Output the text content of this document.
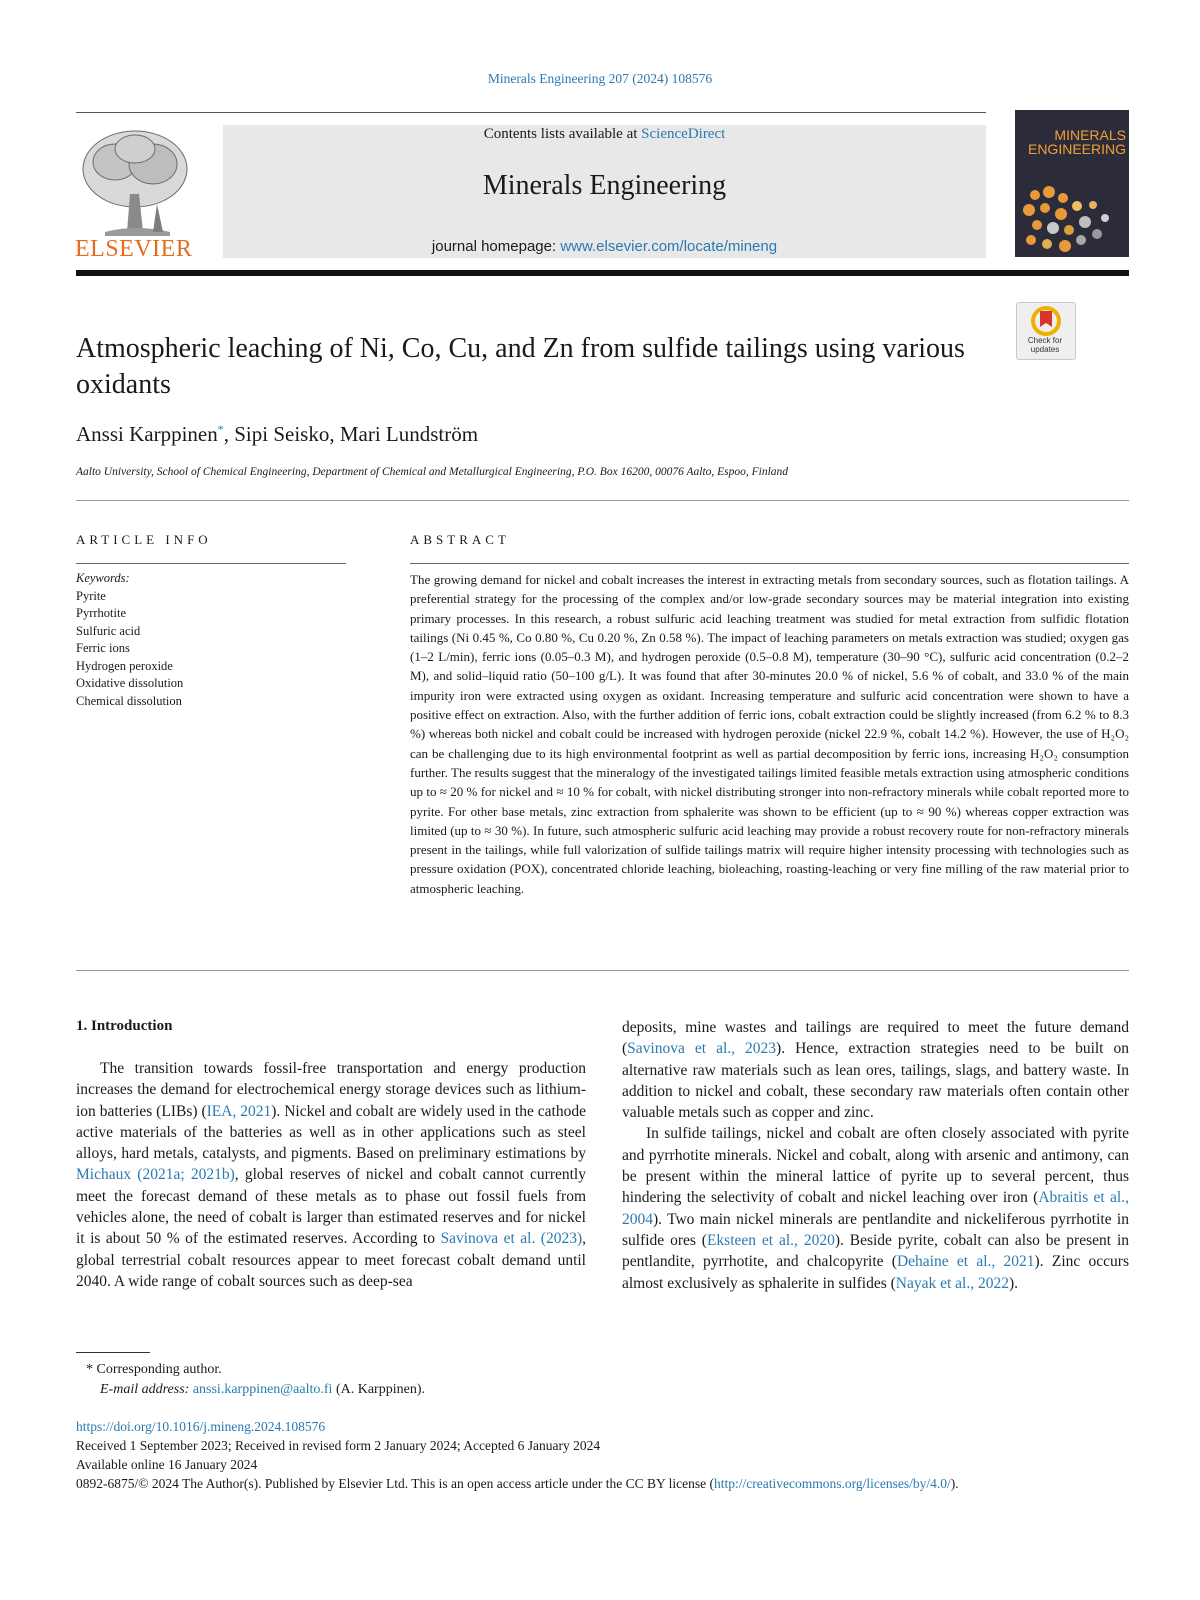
Minerals Engineering 207 (2024) 108576
Contents lists available at ScienceDirect
Minerals Engineering
journal homepage: www.elsevier.com/locate/mineng
ELSEVIER
MINERALS ENGINEERING
Check for updates
Atmospheric leaching of Ni, Co, Cu, and Zn from sulfide tailings using various oxidants
Anssi Karppinen*, Sipi Seisko, Mari Lundström
Aalto University, School of Chemical Engineering, Department of Chemical and Metallurgical Engineering, P.O. Box 16200, 00076 Aalto, Espoo, Finland
ARTICLE INFO	ABSTRACT
Keywords:
Pyrite
Pyrrhotite
Sulfuric acid
Ferric ions
Hydrogen peroxide
Oxidative dissolution
Chemical dissolution
The growing demand for nickel and cobalt increases the interest in extracting metals from secondary sources, such as flotation tailings. A preferential strategy for the processing of the complex and/or low-grade secondary sources may be material integration into existing primary processes. In this research, a robust sulfuric acid leaching treatment was studied for metal extraction from sulfidic flotation tailings (Ni 0.45 %, Co 0.80 %, Cu 0.20 %, Zn 0.58 %). The impact of leaching parameters on metals extraction was studied; oxygen gas (1–2 L/min), ferric ions (0.05–0.3 M), and hydrogen peroxide (0.5–0.8 M), temperature (30–90 °C), sulfuric acid concentration (0.2–2 M), and solid–liquid ratio (50–100 g/L). It was found that after 30-minutes 20.0 % of nickel, 5.6 % of cobalt, and 33.0 % of the main impurity iron were extracted using oxygen as oxidant. Increasing temperature and sulfuric acid concentration were shown to have a positive effect on extraction. Also, with the further addition of ferric ions, cobalt extraction could be slightly increased (from 6.2 % to 8.3 %) whereas both nickel and cobalt could be increased with hydrogen peroxide (nickel 22.9 %, cobalt 14.2 %). However, the use of H₂O₂ can be challenging due to its high environmental footprint as well as partial decomposition by ferric ions, increasing H₂O₂ consumption further. The results suggest that the mineralogy of the investigated tailings limited feasible metals extraction using atmospheric conditions up to ≈ 20 % for nickel and ≈ 10 % for cobalt, with nickel distributing stronger into non-refractory minerals while cobalt reported more to pyrite. For other base metals, zinc extraction from sphalerite was shown to be efficient (up to ≈ 90 %) whereas copper extraction was limited (up to ≈ 30 %). In future, such atmospheric sulfuric acid leaching may provide a robust recovery route for non-refractory minerals present in the tailings, while full valorization of sulfide tailings matrix will require higher intensity processing with technologies such as pressure oxidation (POX), concentrated chloride leaching, bioleaching, roasting-leaching or very fine milling of the raw material prior to atmospheric leaching.
1. Introduction

The transition towards fossil-free transportation and energy production increases the demand for electrochemical energy storage devices such as lithium-ion batteries (LIBs) (IEA, 2021). Nickel and cobalt are widely used in the cathode active materials of the batteries as well as in other applications such as steel alloys, hard metals, catalysts, and pigments. Based on preliminary estimations by Michaux (2021a; 2021b), global reserves of nickel and cobalt cannot currently meet the forecast demand of these metals as to phase out fossil fuels from vehicles alone, the need of cobalt is larger than estimated reserves and for nickel it is about 50 % of the estimated reserves. According to Savinova et al. (2023), global terrestrial cobalt resources appear to meet forecast cobalt demand until 2040. A wide range of cobalt sources such as deep-sea

deposits, mine wastes and tailings are required to meet the future demand (Savinova et al., 2023). Hence, extraction strategies need to be built on alternative raw materials such as lean ores, tailings, slags, and battery waste. In addition to nickel and cobalt, these secondary raw materials often contain other valuable metals such as copper and zinc.

In sulfide tailings, nickel and cobalt are often closely associated with pyrite and pyrrhotite minerals. Nickel and cobalt, along with arsenic and antimony, can be present within the mineral lattice of pyrite up to several percent, thus hindering the selectivity of cobalt and nickel leaching over iron (Abraitis et al., 2004). Two main nickel minerals are pentlandite and nickeliferous pyrrhotite in sulfide ores (Eksteen et al., 2020). Beside pyrite, cobalt can also be present in pentlandite, pyrrhotite, and chalcopyrite (Dehaine et al., 2021). Zinc occurs almost exclusively as sphalerite in sulfides (Nayak et al., 2022).

* Corresponding author.
E-mail address: anssi.karppinen@aalto.fi (A. Karppinen).
https://doi.org/10.1016/j.mineng.2024.108576
Received 1 September 2023; Received in revised form 2 January 2024; Accepted 6 January 2024
Available online 16 January 2024
0892-6875/© 2024 The Author(s). Published by Elsevier Ltd. This is an open access article under the CC BY license (http://creativecommons.org/licenses/by/4.0/).
